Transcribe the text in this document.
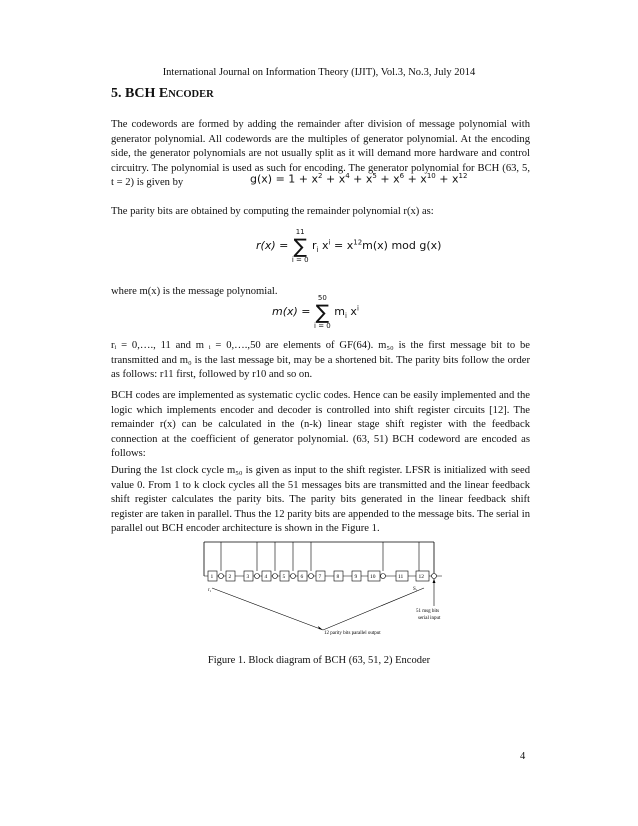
International Journal on Information Theory (IJIT), Vol.3, No.3, July 2014
5. BCH ENCODER
The codewords are formed by adding the remainder after division of message polynomial with generator polynomial. All codewords are the multiples of generator polynomial. At the encoding side, the generator polynomials are not usually split as it will demand more hardware and control circuitry. The polynomial is used as such for encoding. The generator polynomial for BCH (63, 5, t = 2) is given by	$g(x) = 1 + x^2 + x^4 + x^5 + x^6 + x^{10} + x^{12}$
The parity bits are obtained by computing the remainder polynomial r(x) as:
r(x) =
11
∑
i = 0
$r_i$ $x^i = x^{12}m(x)$ mod g(x)
where m(x) is the message polynomial.
m(x) =
50
∑
i = 0
$m_i$ $x^i$
rᵢ = 0,…., 11 and m ᵢ = 0,….,50 are elements of GF(64). m₅₀ is the first message bit to be transmitted and m₀ is the last message bit, may be a shortened bit. The parity bits follow the order as follows: r11 first, followed by r10 and so on.
BCH codes are implemented as systematic cyclic codes. Hence can be easily implemented and the logic which implements encoder and decoder is controlled into shift register circuits [12]. The remainder r(x) can be calculated in the (n-k) linear stage shift register with the feedback connection at the coefficient of generator polynomial. (63, 51) BCH codeword are encoded as follows:
During the 1st clock cycle m₅₀ is given as input to the shift register. LFSR is initialized with seed value 0. From 1 to k clock cycles all the 51 messages bits are transmitted and the linear feedback shift register calculates the parity bits. The parity bits generated in the linear feedback shift register are taken in parallel. Thus the 12 parity bits are appended to the message bits. The serial in parallel out BCH encoder architecture is shown in the Figure 1.
1	2	3	4	5	6	7	8	9 10	11	12
r₁	S₁
51 msg bits
serial input
12 parity bits parallel output
Figure 1. Block diagram of BCH (63, 51, 2) Encoder
4
